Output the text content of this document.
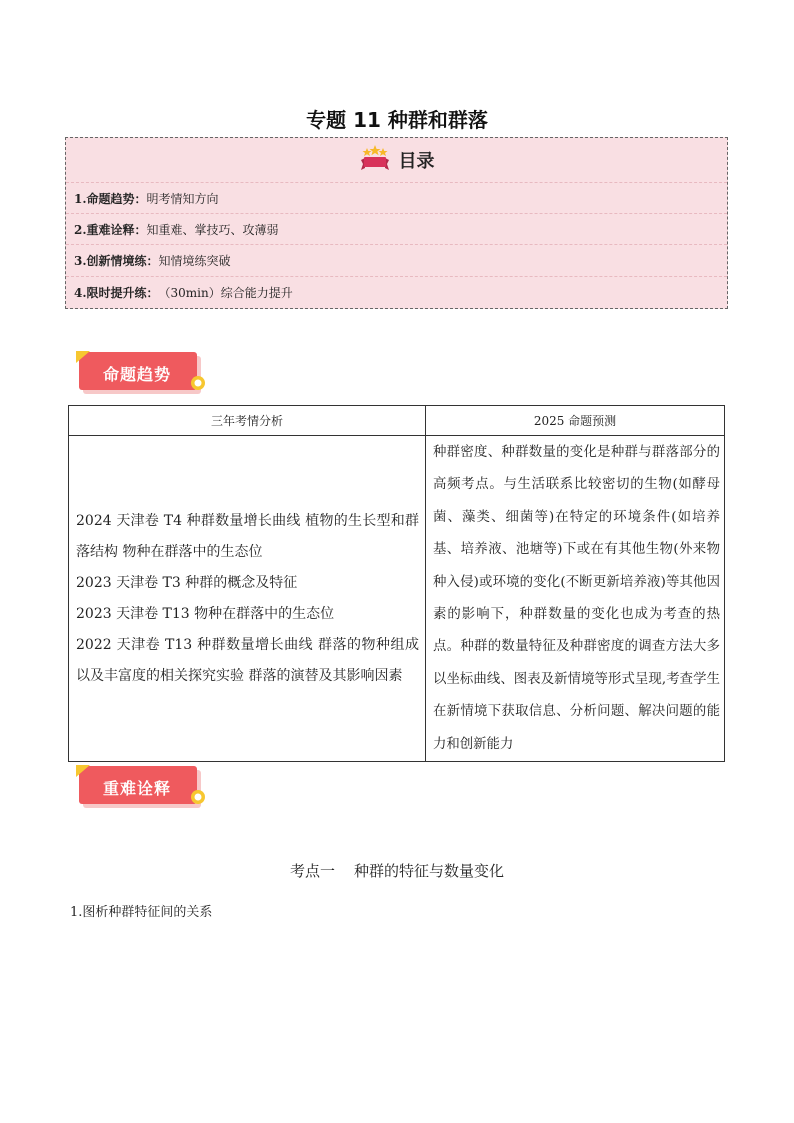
专题 11 种群和群落
目录
1.命题趋势： 明考情知方向
2.重难诠释： 知重难、掌技巧、攻薄弱
3.创新情境练： 知情境练突破
4.限时提升练： （30min）综合能力提升
命题趋势
三年考情分析	2025 命题预测

2024 天津卷 T4 种群数量增长曲线 植物的生长型和群落结构 物种在群落中的生态位
2023 天津卷 T3 种群的概念及特征
2023 天津卷 T13 物种在群落中的生态位
2022 天津卷 T13 种群数量增长曲线 群落的物种组成以及丰富度的相关探究实验 群落的演替及其影响因素	种群密度、种群数量的变化是种群与群落部分的高频考点。与生活联系比较密切的生物(如酵母菌、藻类、细菌等)在特定的环境条件(如培养基、培养液、池塘等)下或在有其他生物(外来物种入侵)或环境的变化(不断更新培养液)等其他因素的影响下，种群数量的变化也成为考查的热点。种群的数量特征及种群密度的调查方法大多以坐标曲线、图表及新情境等形式呈现,考查学生在新情境下获取信息、分析问题、解决问题的能力和创新能力
重难诠释
考点一    种群的特征与数量变化
1.图析种群特征间的关系
